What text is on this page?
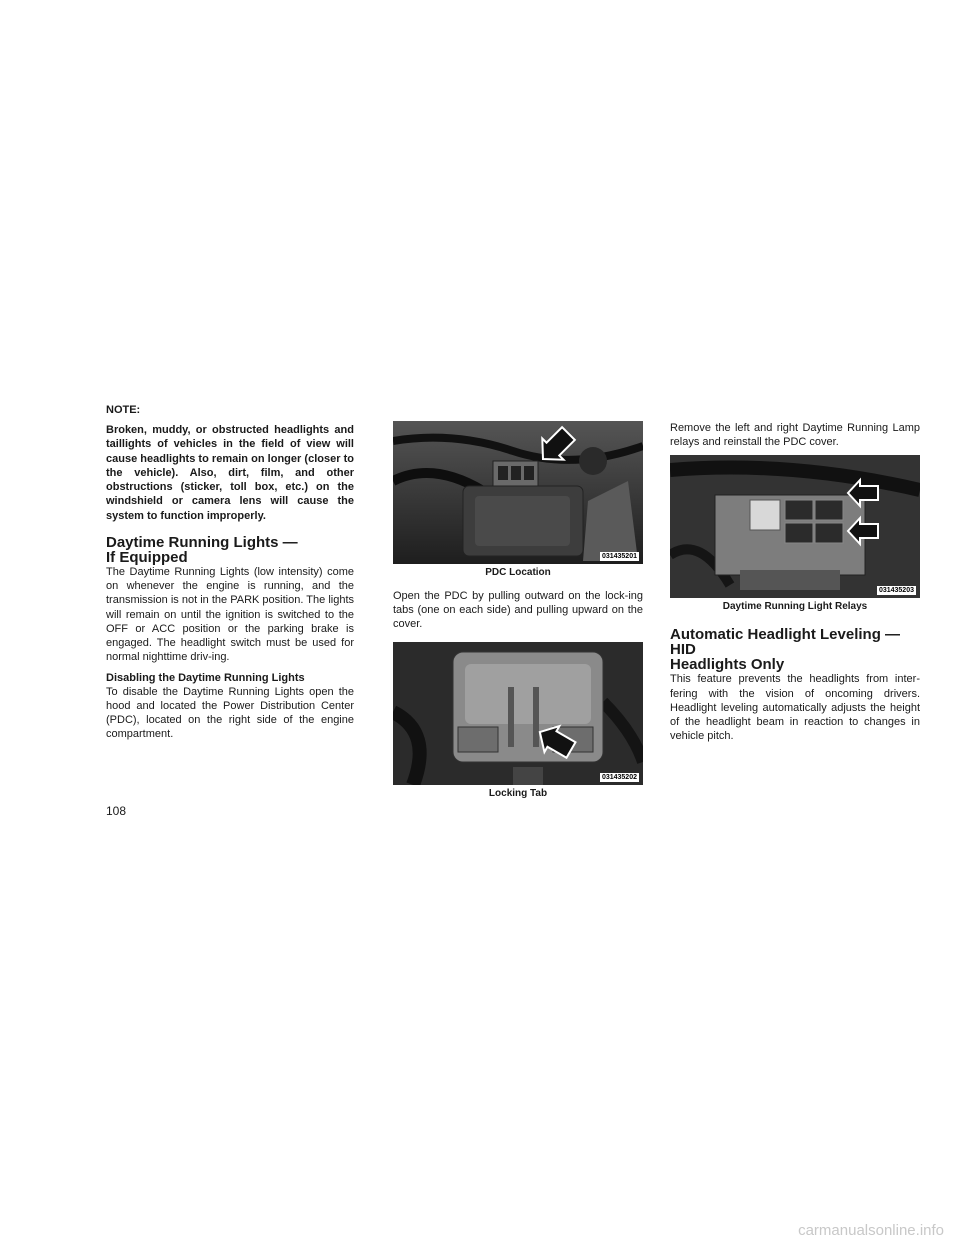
NOTE:

Broken, muddy, or obstructed headlights and taillights of vehicles in the field of view will cause headlights to remain on longer (closer to the vehicle). Also, dirt, film, and other obstructions (sticker, toll box, etc.) on the windshield or camera lens will cause the system to function improperly.

Daytime Running Lights —
If Equipped

The Daytime Running Lights (low intensity) come on whenever the engine is running, and the transmission is not in the PARK position. The lights will remain on until the ignition is switched to the OFF or ACC position or the parking brake is engaged. The headlight switch must be used for normal nighttime driv-ing.

Disabling the Daytime Running Lights

To disable the Daytime Running Lights open the hood and located the Power Distribution Center (PDC), located on the right side of the engine compartment.

031435201
PDC Location

Open the PDC by pulling outward on the lock-ing tabs (one on each side) and pulling upward on the cover.

031435202
Locking Tab

Remove the left and right Daytime Running Lamp relays and reinstall the PDC cover.

031435203
Daytime Running Light Relays
Automatic Headlight Leveling — HID
Headlights Only

This feature prevents the headlights from inter-fering with the vision of oncoming drivers. Headlight leveling automatically adjusts the height of the headlight beam in reaction to changes in vehicle pitch.

108
carmanualsonline.info
